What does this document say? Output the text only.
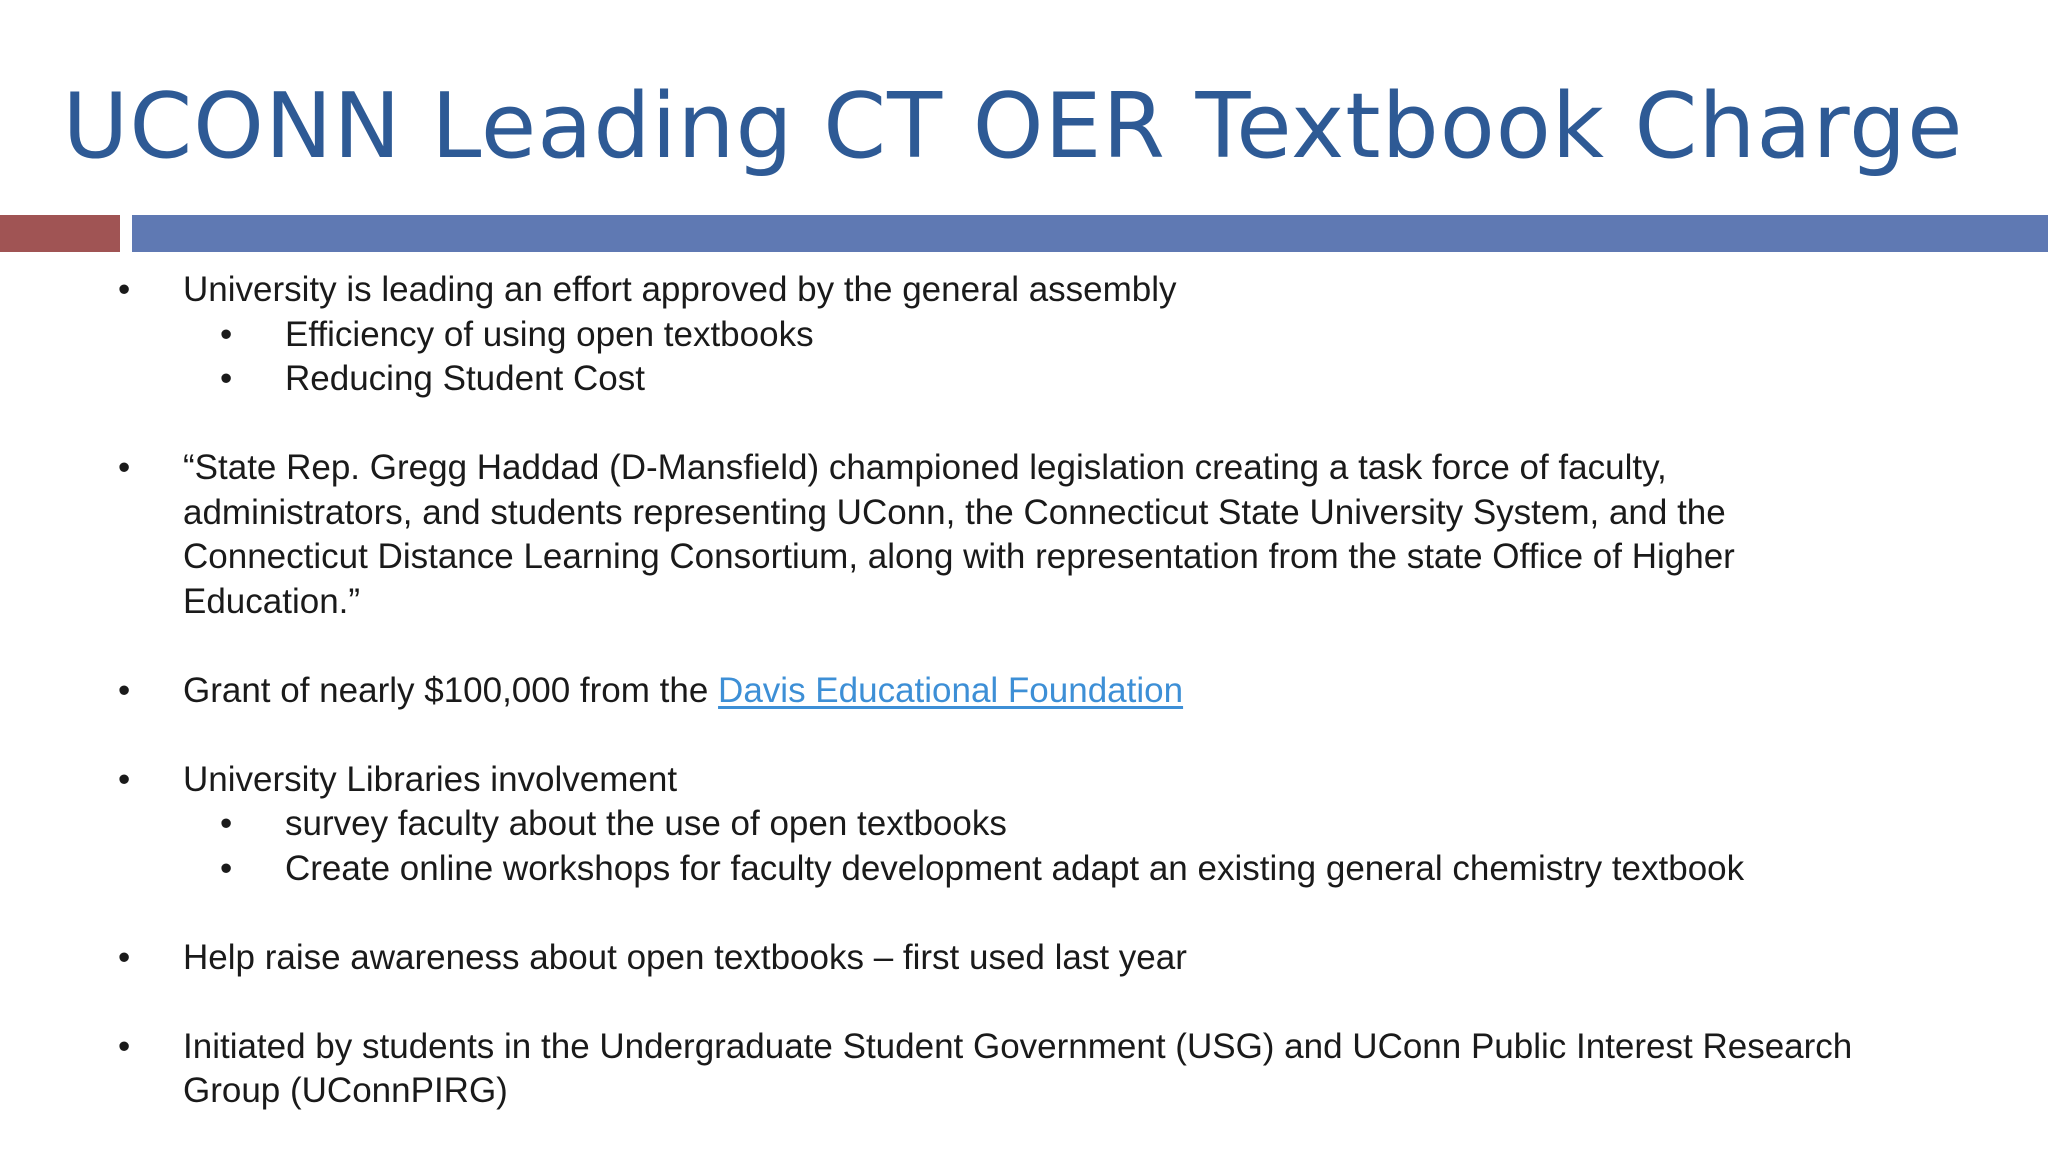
UCONN Leading CT OER Textbook Charge
• University is leading an effort approved by the general assembly
• Efficiency of using open textbooks
• Reducing Student Cost
• “State Rep. Gregg Haddad (D-Mansfield) championed legislation creating a task force of faculty, administrators, and students representing UConn, the Connecticut State University System, and the Connecticut Distance Learning Consortium, along with representation from the state Office of Higher Education.”
• Grant of nearly $100,000 from the Davis Educational Foundation
• University Libraries involvement
• survey faculty about the use of open textbooks
• Create online workshops for faculty development adapt an existing general chemistry textbook
• Help raise awareness about open textbooks – first used last year
• Initiated by students in the Undergraduate Student Government (USG) and UConn Public Interest Research Group (UConnPIRG)
